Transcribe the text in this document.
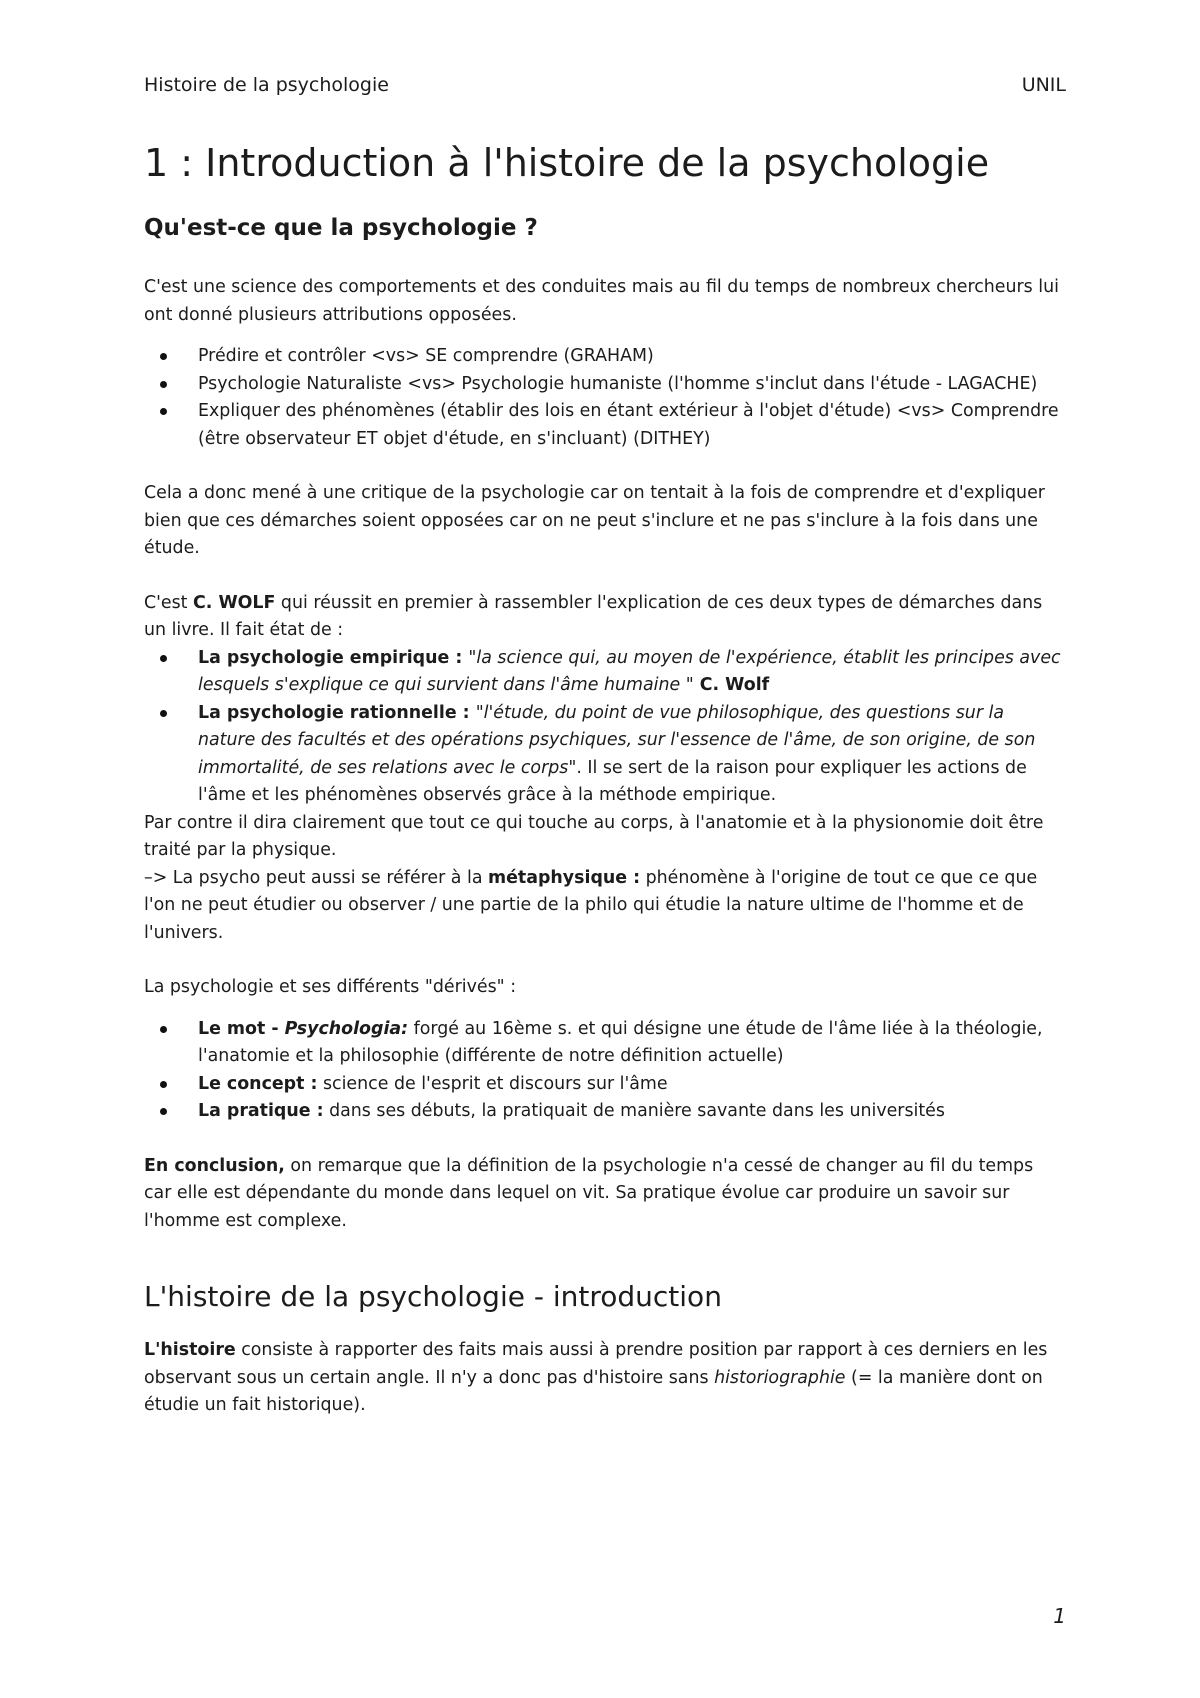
Histoire de la psychologie	UNIL
1 : Introduction à l'histoire de la psychologie
Qu'est-ce que la psychologie ?

C'est une science des comportements et des conduites mais au fil du temps de nombreux chercheurs lui ont donné plusieurs attributions opposées.

Prédire et contrôler <vs> SE comprendre (GRAHAM)
Psychologie Naturaliste <vs> Psychologie humaniste (l'homme s'inclut dans l'étude - LAGACHE)
Expliquer des phénomènes (établir des lois en étant extérieur à l'objet d'étude) <vs> Comprendre (être observateur ET objet d'étude, en s'incluant) (DITHEY)

Cela a donc mené à une critique de la psychologie car on tentait à la fois de comprendre et d'expliquer bien que ces démarches soient opposées car on ne peut s'inclure et ne pas s'inclure à la fois dans une étude.

C'est C. WOLF qui réussit en premier à rassembler l'explication de ces deux types de démarches dans un livre. Il fait état de :

La psychologie empirique : "la science qui, au moyen de l'expérience, établit les principes avec lesquels s'explique ce qui survient dans l'âme humaine " C. Wolf
La psychologie rationnelle : "l'étude, du point de vue philosophique, des questions sur la nature des facultés et des opérations psychiques, sur l'essence de l'âme, de son origine, de son immortalité, de ses relations avec le corps". Il se sert de la raison pour expliquer les actions de l'âme et les phénomènes observés grâce à la méthode empirique.

Par contre il dira clairement que tout ce qui touche au corps, à l'anatomie et à la physionomie doit être traité par la physique.

–> La psycho peut aussi se référer à la métaphysique : phénomène à l'origine de tout ce que ce que l'on ne peut étudier ou observer / une partie de la philo qui étudie la nature ultime de l'homme et de l'univers.

La psychologie et ses différents "dérivés" :

Le mot - Psychologia: forgé au 16ème s. et qui désigne une étude de l'âme liée à la théologie, l'anatomie et la philosophie (différente de notre définition actuelle)
Le concept : science de l'esprit et discours sur l'âme
La pratique : dans ses débuts, la pratiquait de manière savante dans les universités

En conclusion, on remarque que la définition de la psychologie n'a cessé de changer au fil du temps car elle est dépendante du monde dans lequel on vit. Sa pratique évolue car produire un savoir sur l'homme est complexe.

L'histoire de la psychologie - introduction

L'histoire consiste à rapporter des faits mais aussi à prendre position par rapport à ces derniers en les observant sous un certain angle. Il n'y a donc pas d'histoire sans historiographie (= la manière dont on étudie un fait historique).

1
